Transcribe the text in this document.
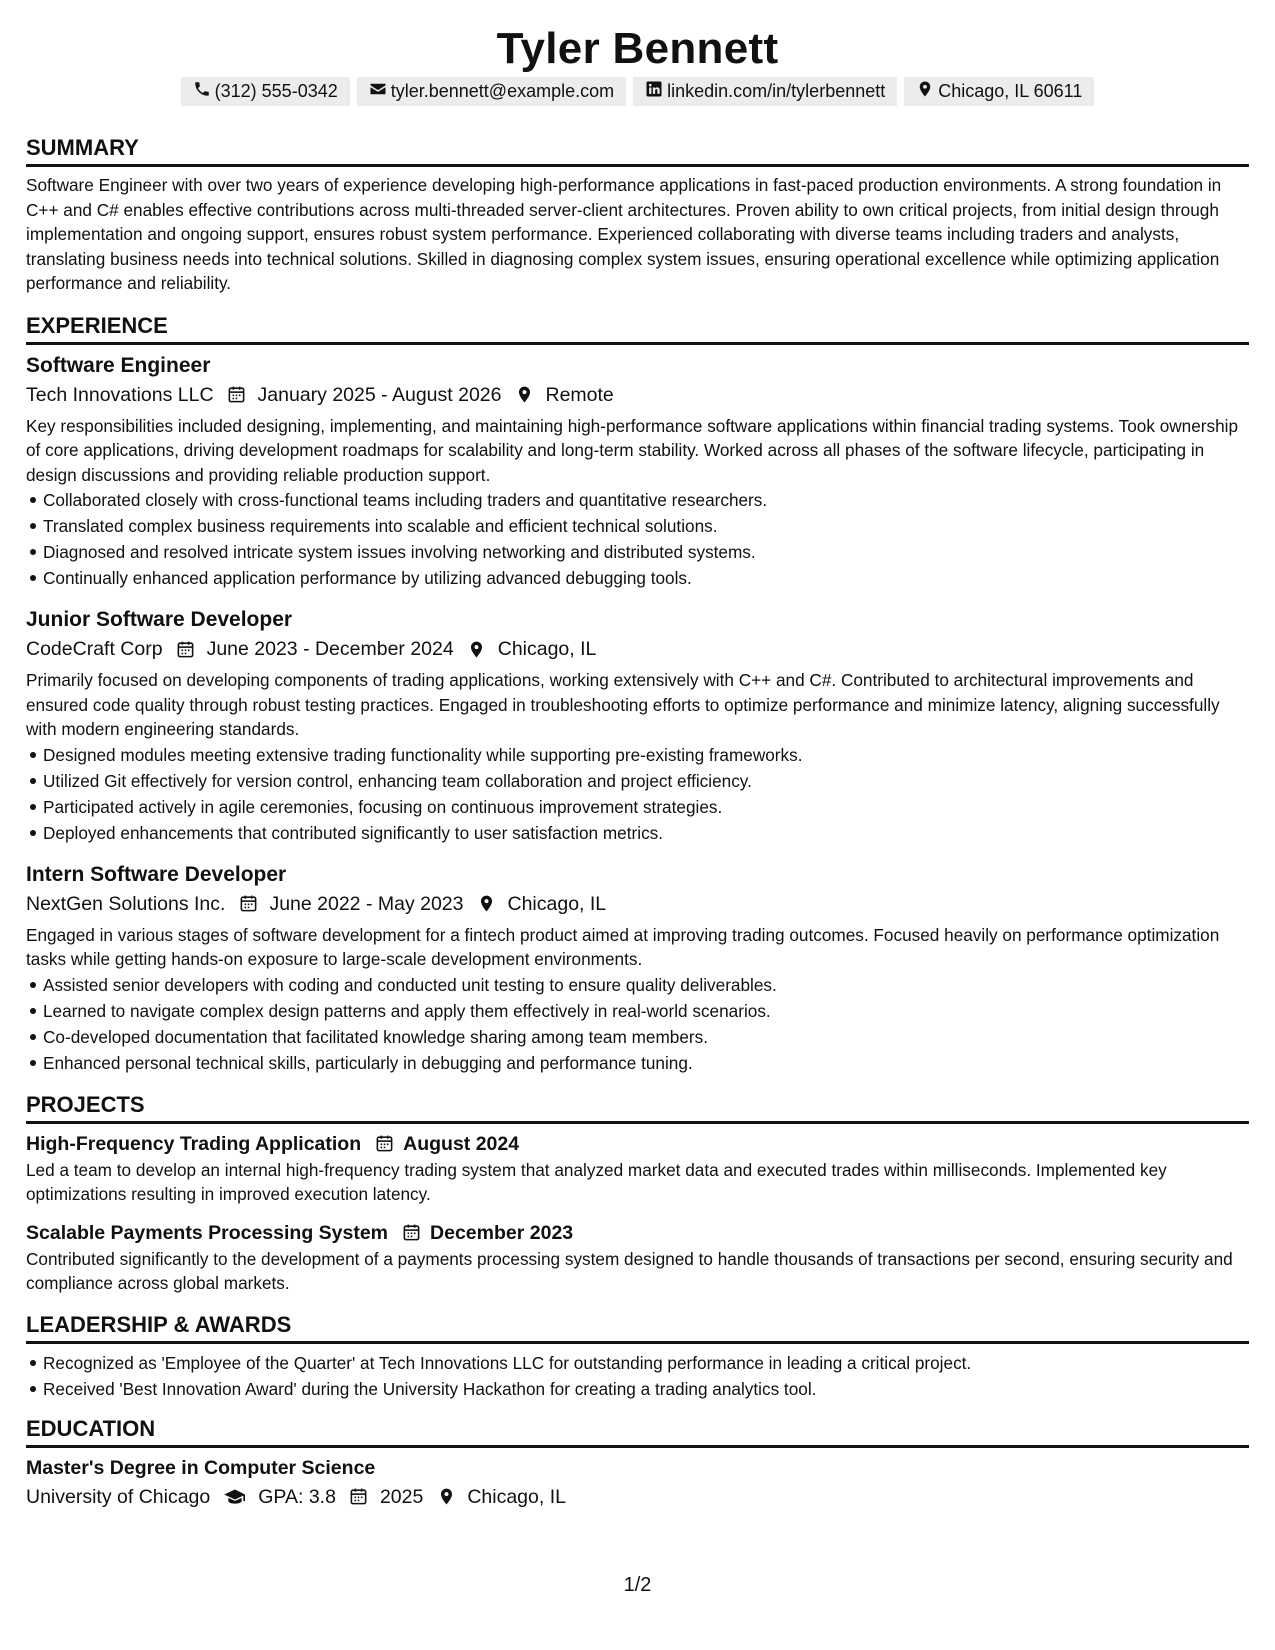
Tyler Bennett
(312) 555-0342	tyler.bennett@example.com	linkedin.com/in/tylerbennett	Chicago, IL 60611
SUMMARY
Software Engineer with over two years of experience developing high-performance applications in fast-paced production environments. A strong foundation in C++ and C# enables effective contributions across multi-threaded server-client architectures. Proven ability to own critical projects, from initial design through implementation and ongoing support, ensures robust system performance. Experienced collaborating with diverse teams including traders and analysts, translating business needs into technical solutions. Skilled in diagnosing complex system issues, ensuring operational excellence while optimizing application performance and reliability.
EXPERIENCE
Software Engineer
Tech Innovations LLC January 2025 - August 2026 Remote
Key responsibilities included designing, implementing, and maintaining high-performance software applications within financial trading systems. Took ownership of core applications, driving development roadmaps for scalability and long-term stability. Worked across all phases of the software lifecycle, participating in design discussions and providing reliable production support.
Collaborated closely with cross-functional teams including traders and quantitative researchers.
Translated complex business requirements into scalable and efficient technical solutions.
Diagnosed and resolved intricate system issues involving networking and distributed systems.
Continually enhanced application performance by utilizing advanced debugging tools.
Junior Software Developer
CodeCraft Corp June 2023 - December 2024 Chicago, IL
Primarily focused on developing components of trading applications, working extensively with C++ and C#. Contributed to architectural improvements and ensured code quality through robust testing practices. Engaged in troubleshooting efforts to optimize performance and minimize latency, aligning successfully with modern engineering standards.
Designed modules meeting extensive trading functionality while supporting pre-existing frameworks.
Utilized Git effectively for version control, enhancing team collaboration and project efficiency.
Participated actively in agile ceremonies, focusing on continuous improvement strategies.
Deployed enhancements that contributed significantly to user satisfaction metrics.
Intern Software Developer
NextGen Solutions Inc. June 2022 - May 2023 Chicago, IL
Engaged in various stages of software development for a fintech product aimed at improving trading outcomes. Focused heavily on performance optimization tasks while getting hands-on exposure to large-scale development environments.
Assisted senior developers with coding and conducted unit testing to ensure quality deliverables.
Learned to navigate complex design patterns and apply them effectively in real-world scenarios.
Co-developed documentation that facilitated knowledge sharing among team members.
Enhanced personal technical skills, particularly in debugging and performance tuning.
PROJECTS
High-Frequency Trading Application August 2024
Led a team to develop an internal high-frequency trading system that analyzed market data and executed trades within milliseconds. Implemented key optimizations resulting in improved execution latency.
Scalable Payments Processing System December 2023
Contributed significantly to the development of a payments processing system designed to handle thousands of transactions per second, ensuring security and compliance across global markets.
LEADERSHIP & AWARDS
Recognized as 'Employee of the Quarter' at Tech Innovations LLC for outstanding performance in leading a critical project.
Received 'Best Innovation Award' during the University Hackathon for creating a trading analytics tool.
EDUCATION
Master's Degree in Computer Science
University of Chicago GPA: 3.8 2025 Chicago, IL
1/2
